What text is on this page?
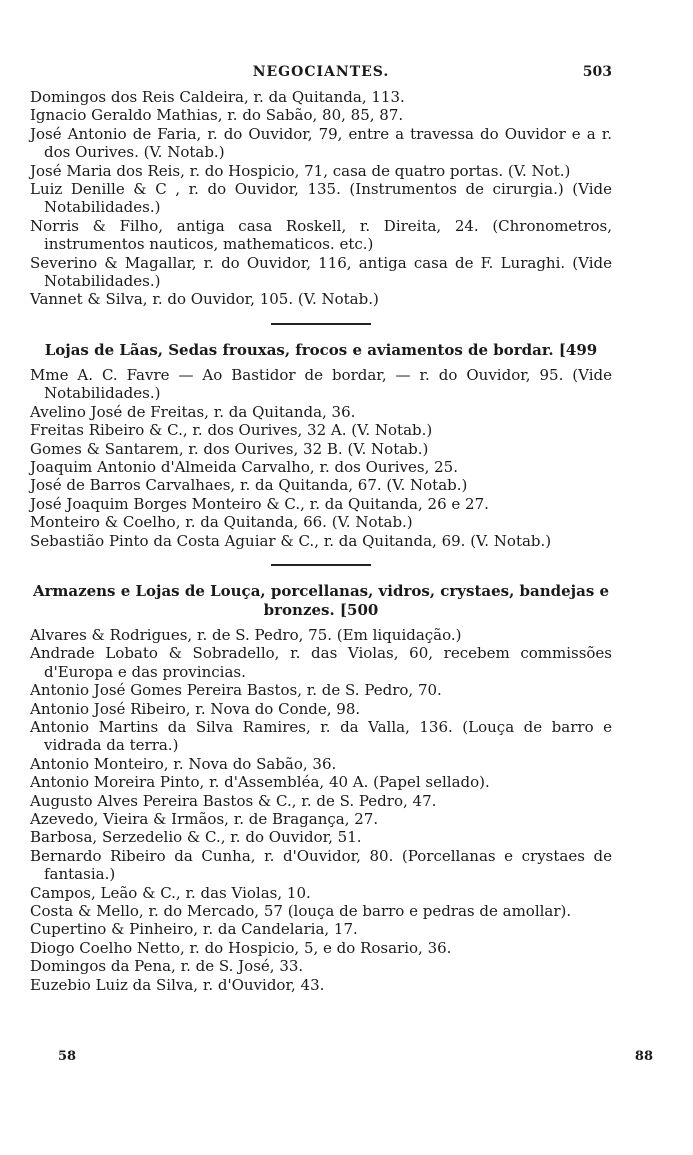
NEGOCIANTES.	503
Domingos dos Reis Caldeira, r. da Quitanda, 113.
Ignacio Geraldo Mathias, r. do Sabão, 80, 85, 87.
José Antonio de Faria, r. do Ouvidor, 79, entre a travessa do Ouvidor e a r. dos Ourives. (V. Notab.)
José Maria dos Reis, r. do Hospicio, 71, casa de quatro portas. (V. Not.)
Luiz Denille & C , r. do Ouvidor, 135. (Instrumentos de cirurgia.) (Vide Notabilidades.)
Norris & Filho, antiga casa Roskell, r. Direita, 24. (Chronometros, instrumentos nauticos, mathematicos. etc.)
Severino & Magallar, r. do Ouvidor, 116, antiga casa de F. Luraghi. (Vide Notabilidades.)
Vannet & Silva, r. do Ouvidor, 105. (V. Notab.)
Lojas de Lãas, Sedas frouxas, frocos e aviamentos de bordar. [499
Mme A. C. Favre — Ao Bastidor de bordar, — r. do Ouvidor, 95. (Vide Notabilidades.)
Avelino José de Freitas, r. da Quitanda, 36.
Freitas Ribeiro & C., r. dos Ourives, 32 A. (V. Notab.)
Gomes & Santarem, r. dos Ourives, 32 B. (V. Notab.)
Joaquim Antonio d'Almeida Carvalho, r. dos Ourives, 25.
José de Barros Carvalhaes, r. da Quitanda, 67. (V. Notab.)
José Joaquim Borges Monteiro & C., r. da Quitanda, 26 e 27.
Monteiro & Coelho, r. da Quitanda, 66. (V. Notab.)
Sebastião Pinto da Costa Aguiar & C., r. da Quitanda, 69. (V. Notab.)
Armazens e Lojas de Louça, porcellanas, vidros, crystaes, bandejas e bronzes. [500
Alvares & Rodrigues, r. de S. Pedro, 75. (Em liquidação.)
Andrade Lobato & Sobradello, r. das Violas, 60, recebem commissões d'Europa e das provincias.
Antonio José Gomes Pereira Bastos, r. de S. Pedro, 70.
Antonio José Ribeiro, r. Nova do Conde, 98.
Antonio Martins da Silva Ramires, r. da Valla, 136. (Louça de barro e vidrada da terra.)
Antonio Monteiro, r. Nova do Sabão, 36.
Antonio Moreira Pinto, r. d'Assembléa, 40 A. (Papel sellado).
Augusto Alves Pereira Bastos & C., r. de S. Pedro, 47.
Azevedo, Vieira & Irmãos, r. de Bragança, 27.
Barbosa, Serzedelio & C., r. do Ouvidor, 51.
Bernardo Ribeiro da Cunha, r. d'Ouvidor, 80. (Porcellanas e crystaes de fantasia.)
Campos, Leão & C., r. das Violas, 10.
Costa & Mello, r. do Mercado, 57 (louça de barro e pedras de amollar).
Cupertino & Pinheiro, r. da Candelaria, 17.
Diogo Coelho Netto, r. do Hospicio, 5, e do Rosario, 36.
Domingos da Pena, r. de S. José, 33.
Euzebio Luiz da Silva, r. d'Ouvidor, 43.
58	88
